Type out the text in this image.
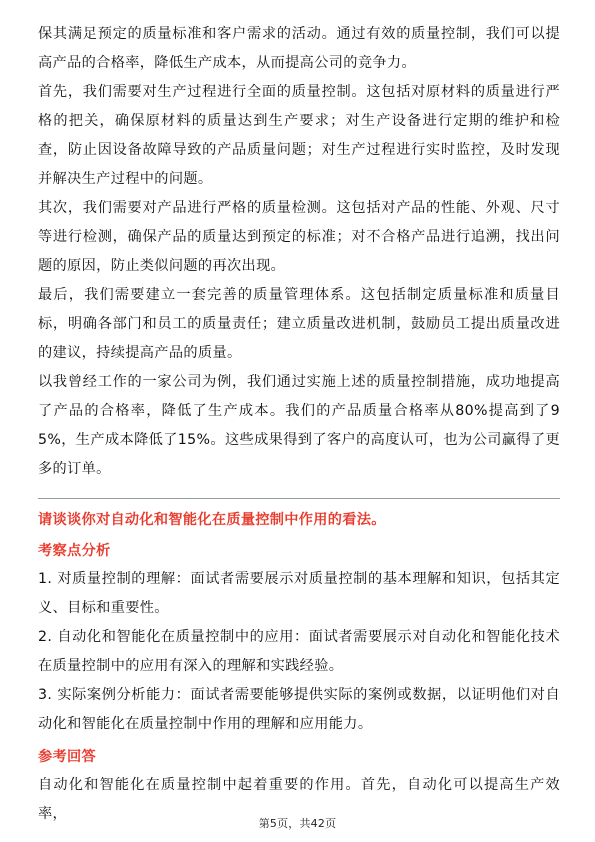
保其满足预定的质量标准和客户需求的活动。通过有效的质量控制，我们可以提高产品的合格率，降低生产成本，从而提高公司的竞争力。

首先，我们需要对生产过程进行全面的质量控制。这包括对原材料的质量进行严格的把关，确保原材料的质量达到生产要求；对生产设备进行定期的维护和检查，防止因设备故障导致的产品质量问题；对生产过程进行实时监控，及时发现并解决生产过程中的问题。

其次，我们需要对产品进行严格的质量检测。这包括对产品的性能、外观、尺寸等进行检测，确保产品的质量达到预定的标准；对不合格产品进行追溯，找出问题的原因，防止类似问题的再次出现。

最后，我们需要建立一套完善的质量管理体系。这包括制定质量标准和质量目标，明确各部门和员工的质量责任；建立质量改进机制，鼓励员工提出质量改进的建议，持续提高产品的质量。

以我曾经工作的一家公司为例，我们通过实施上述的质量控制措施，成功地提高了产品的合格率，降低了生产成本。我们的产品质量合格率从80%提高到了95%，生产成本降低了15%。这些成果得到了客户的高度认可，也为公司赢得了更多的订单。

请谈谈你对自动化和智能化在质量控制中作用的看法。

考察点分析

1. 对质量控制的理解：面试者需要展示对质量控制的基本理解和知识，包括其定义、目标和重要性。

2. 自动化和智能化在质量控制中的应用：面试者需要展示对自动化和智能化技术在质量控制中的应用有深入的理解和实践经验。

3. 实际案例分析能力：面试者需要能够提供实际的案例或数据，以证明他们对自动化和智能化在质量控制中作用的理解和应用能力。

参考回答

自动化和智能化在质量控制中起着重要的作用。首先，自动化可以提高生产效率，

第5页，共42页
